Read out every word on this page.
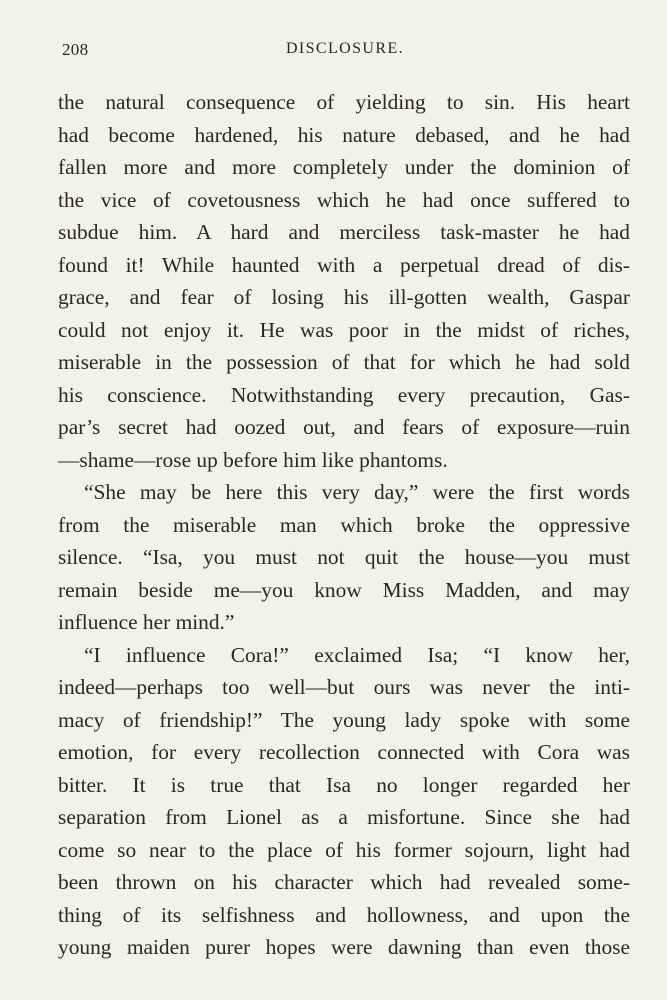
208	DISCLOSURE.
the natural consequence of yielding to sin. His heart
had become hardened, his nature debased, and he had
fallen more and more completely under the dominion of
the vice of covetousness which he had once suffered to
subdue him. A hard and merciless task-master he had
found it! While haunted with a perpetual dread of dis-
grace, and fear of losing his ill-gotten wealth, Gaspar
could not enjoy it. He was poor in the midst of riches,
miserable in the possession of that for which he had sold
his conscience. Notwithstanding every precaution, Gas-
par’s secret had oozed out, and fears of exposure—ruin
—shame—rose up before him like phantoms.
“She may be here this very day,” were the first words
from the miserable man which broke the oppressive
silence. “Isa, you must not quit the house—you must
remain beside me—you know Miss Madden, and may
influence her mind.”
“I influence Cora!” exclaimed Isa; “I know her,
indeed—perhaps too well—but ours was never the inti-
macy of friendship!” The young lady spoke with some
emotion, for every recollection connected with Cora was
bitter. It is true that Isa no longer regarded her
separation from Lionel as a misfortune. Since she had
come so near to the place of his former sojourn, light had
been thrown on his character which had revealed some-
thing of its selfishness and hollowness, and upon the
young maiden purer hopes were dawning than even those
